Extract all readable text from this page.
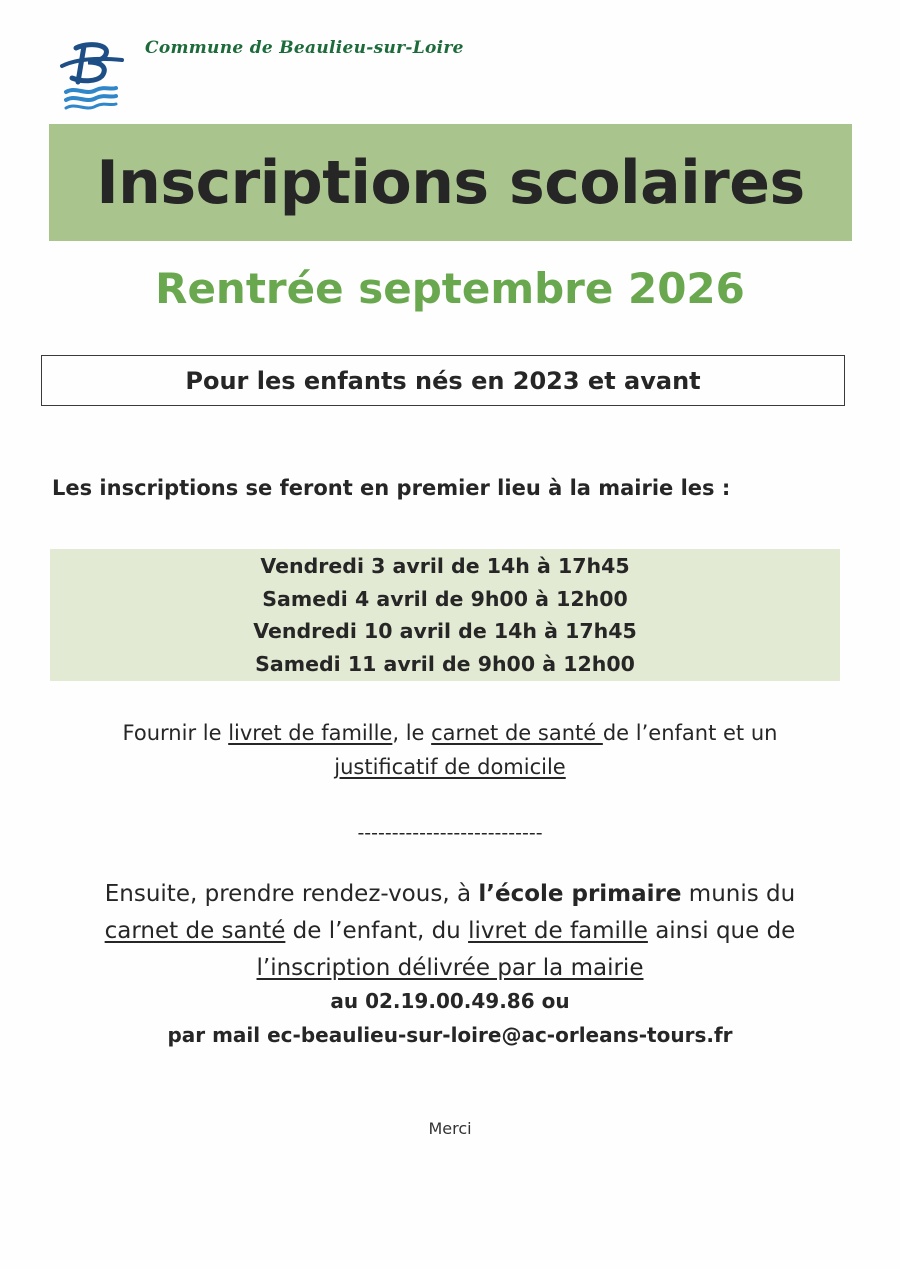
Commune de Beaulieu-sur-Loire
Inscriptions scolaires
Rentrée septembre 2026
Pour les enfants nés en 2023 et avant
Les inscriptions se feront en premier lieu à la mairie les :
Vendredi 3 avril de 14h à 17h45
Samedi 4 avril de 9h00 à 12h00
Vendredi 10 avril de 14h à 17h45
Samedi 11 avril de 9h00 à 12h00
Fournir le livret de famille, le carnet de santé de l’enfant et un
justificatif de domicile
---------------------------
Ensuite, prendre rendez-vous, à l’école primaire munis du
carnet de santé de l’enfant, du livret de famille ainsi que de
l’inscription délivrée par la mairie
au 02.19.00.49.86 ou
par mail ec-beaulieu-sur-loire@ac-orleans-tours.fr
Merci
